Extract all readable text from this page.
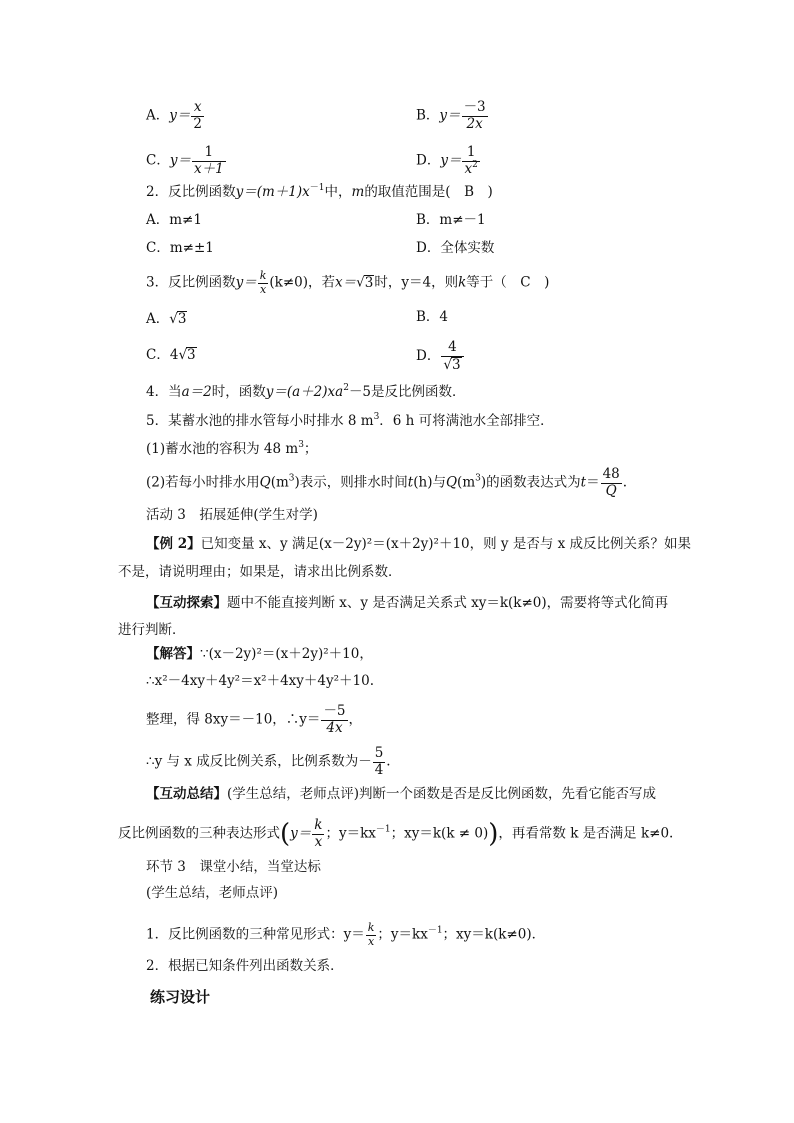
A．$y= \frac{x}{2}$	B．$y= \frac{-3}{2x}$
C．$y= \frac{1}{x+1}$	D．$y= \frac{1}{x^2}$
2．反比例函数$y=(m+1)x^{-1}$中，m的取值范围是(　B　)
A．m≠1	B．m≠－1
C．m≠±1	D．全体实数
3．反比例函数$y= \frac{k}{x} (k\ne 0)$，若x＝√3时，y＝4，则k等于（　C　)
A．√3	B．4
C．4√3	D． $\frac{4}{√3}$
4．当a＝2时，函数$y=(a+2)xa^2-5$是反比例函数．
5．某蓄水池的排水管每小时排水 8 $m^3$．6 h 可将满池水全部排空．
(1)蓄水池的容积为 48 $m^3$；
(2)若每小时排水用$Q(m^3)$表示，则排水时间t(h)与$Q(m^3)$的函数表达式为$t= \frac{48}{Q}$ .
活动 3　拓展延伸(学生对学)
【例 2】已知变量 x、y 满足(x－2y)²＝(x＋2y)²＋10，则 y 是否与 x 成反比例关系？如果
不是，请说明理由；如果是，请求出比例系数．
【互动探索】题中不能直接判断 x、y 是否满足关系式 xy＝k(k≠0)，需要将等式化简再
进行判断．
【解答】∵(x－2y)²＝(x＋2y)²＋10，
∴x²－4xy＋4y²＝x²＋4xy＋4y²＋10.
整理，得 8xy＝－10，∴y＝ $\frac{-5}{4x}$ ，
∴y 与 x 成反比例关系，比例系数为－ $\frac{5}{4}$ .
【互动总结】(学生总结，老师点评)判断一个函数是否是反比例函数，先看它能否写成
反比例函数的三种表达形式($y= \frac{k}{x}$ ；$y=kx^{-1}$；xy＝k(k ≠ 0))，再看常数 k 是否满足 k≠0.
环节 3　课堂小结，当堂达标
(学生总结，老师点评)
1．反比例函数的三种常见形式：$y= \frac{k}{x}$ ；$y=kx^{-1}$；xy＝k(k≠0)．
2．根据已知条件列出函数关系．
练习设计
